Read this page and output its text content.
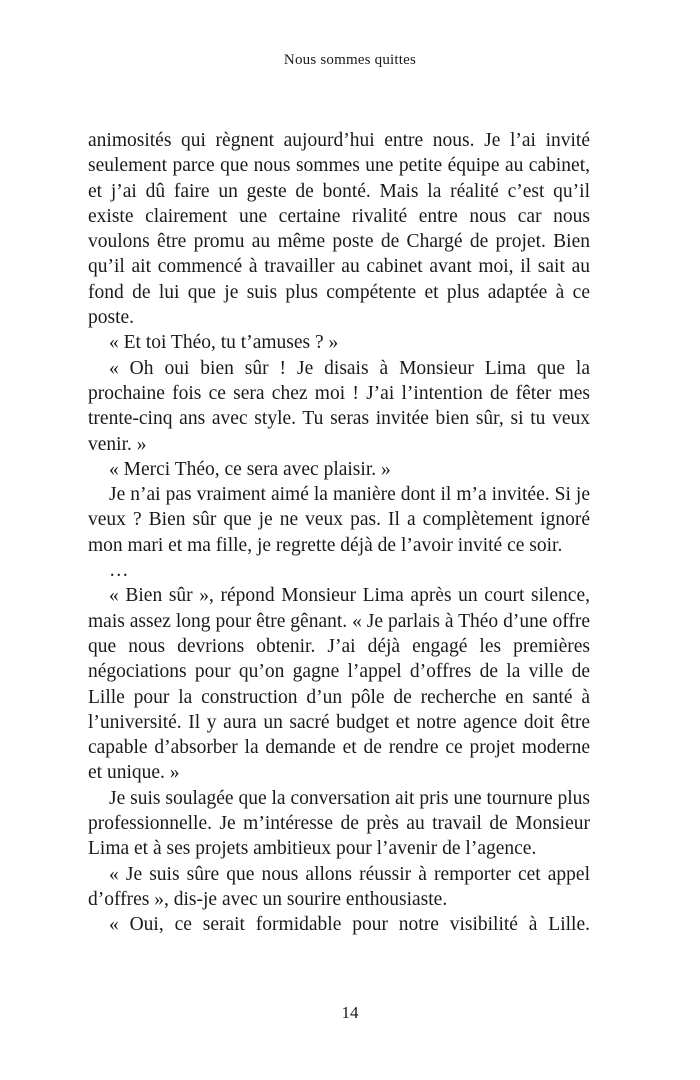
Nous sommes quittes

animosités qui règnent aujourd’hui entre nous. Je l’ai invité seulement parce que nous sommes une petite équipe au cabinet, et j’ai dû faire un geste de bonté. Mais la réalité c’est qu’il existe clairement une certaine rivalité entre nous car nous voulons être promu au même poste de Chargé de projet. Bien qu’il ait commencé à travailler au cabinet avant moi, il sait au fond de lui que je suis plus compétente et plus adaptée à ce poste.

« Et toi Théo, tu t’amuses ? »

« Oh oui bien sûr ! Je disais à Monsieur Lima que la prochaine fois ce sera chez moi ! J’ai l’intention de fêter mes trente-cinq ans avec style. Tu seras invitée bien sûr, si tu veux venir. »

« Merci Théo, ce sera avec plaisir. »

Je n’ai pas vraiment aimé la manière dont il m’a invitée. Si je veux ? Bien sûr que je ne veux pas. Il a complètement ignoré mon mari et ma fille, je regrette déjà de l’avoir invité ce soir.

…

« Bien sûr », répond Monsieur Lima après un court silence, mais assez long pour être gênant. « Je parlais à Théo d’une offre que nous devrions obtenir. J’ai déjà engagé les premières négociations pour qu’on gagne l’appel d’offres de la ville de Lille pour la construction d’un pôle de recherche en santé à l’université. Il y aura un sacré budget et notre agence doit être capable d’absorber la demande et de rendre ce projet moderne et unique. »

Je suis soulagée que la conversation ait pris une tournure plus professionnelle. Je m’intéresse de près au travail de Monsieur Lima et à ses projets ambitieux pour l’avenir de l’agence.

« Je suis sûre que nous allons réussir à remporter cet appel d’offres », dis-je avec un sourire enthousiaste.

« Oui, ce serait formidable pour notre visibilité à Lille.

14
